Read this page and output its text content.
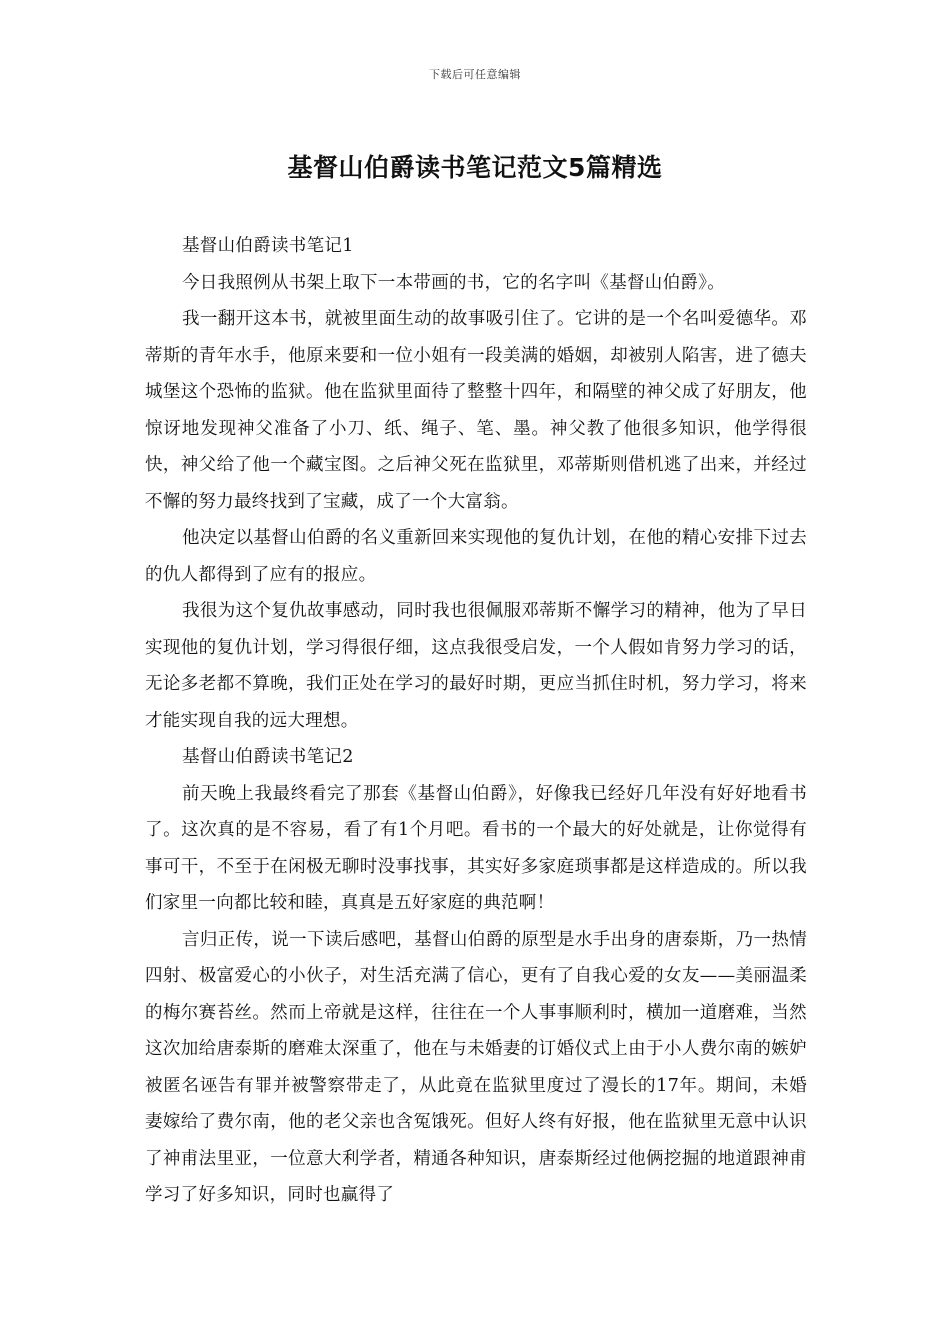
下载后可任意编辑
基督山伯爵读书笔记范文5篇精选

基督山伯爵读书笔记1

今日我照例从书架上取下一本带画的书，它的名字叫《基督山伯爵》。

我一翻开这本书，就被里面生动的故事吸引住了。它讲的是一个名叫爱德华。邓蒂斯的青年水手，他原来要和一位小姐有一段美满的婚姻，却被别人陷害，进了德夫城堡这个恐怖的监狱。他在监狱里面待了整整十四年，和隔壁的神父成了好朋友，他惊讶地发现神父准备了小刀、纸、绳子、笔、墨。神父教了他很多知识，他学得很快，神父给了他一个藏宝图。之后神父死在监狱里，邓蒂斯则借机逃了出来，并经过不懈的努力最终找到了宝藏，成了一个大富翁。

他决定以基督山伯爵的名义重新回来实现他的复仇计划，在他的精心安排下过去的仇人都得到了应有的报应。

我很为这个复仇故事感动，同时我也很佩服邓蒂斯不懈学习的精神，他为了早日实现他的复仇计划，学习得很仔细，这点我很受启发，一个人假如肯努力学习的话，无论多老都不算晚，我们正处在学习的最好时期，更应当抓住时机，努力学习，将来才能实现自我的远大理想。

基督山伯爵读书笔记2

前天晚上我最终看完了那套《基督山伯爵》，好像我已经好几年没有好好地看书了。这次真的是不容易，看了有1个月吧。看书的一个最大的好处就是，让你觉得有事可干，不至于在闲极无聊时没事找事，其实好多家庭琐事都是这样造成的。所以我们家里一向都比较和睦，真真是五好家庭的典范啊！

言归正传，说一下读后感吧，基督山伯爵的原型是水手出身的唐泰斯，乃一热情四射、极富爱心的小伙子，对生活充满了信心，更有了自我心爱的女友——美丽温柔的梅尔赛苔丝。然而上帝就是这样，往往在一个人事事顺利时，横加一道磨难，当然这次加给唐泰斯的磨难太深重了，他在与未婚妻的订婚仪式上由于小人费尔南的嫉妒被匿名诬告有罪并被警察带走了，从此竟在监狱里度过了漫长的17年。期间，未婚妻嫁给了费尔南，他的老父亲也含冤饿死。但好人终有好报，他在监狱里无意中认识了神甫法里亚，一位意大利学者，精通各种知识，唐泰斯经过他俩挖掘的地道跟神甫学习了好多知识，同时也赢得了
